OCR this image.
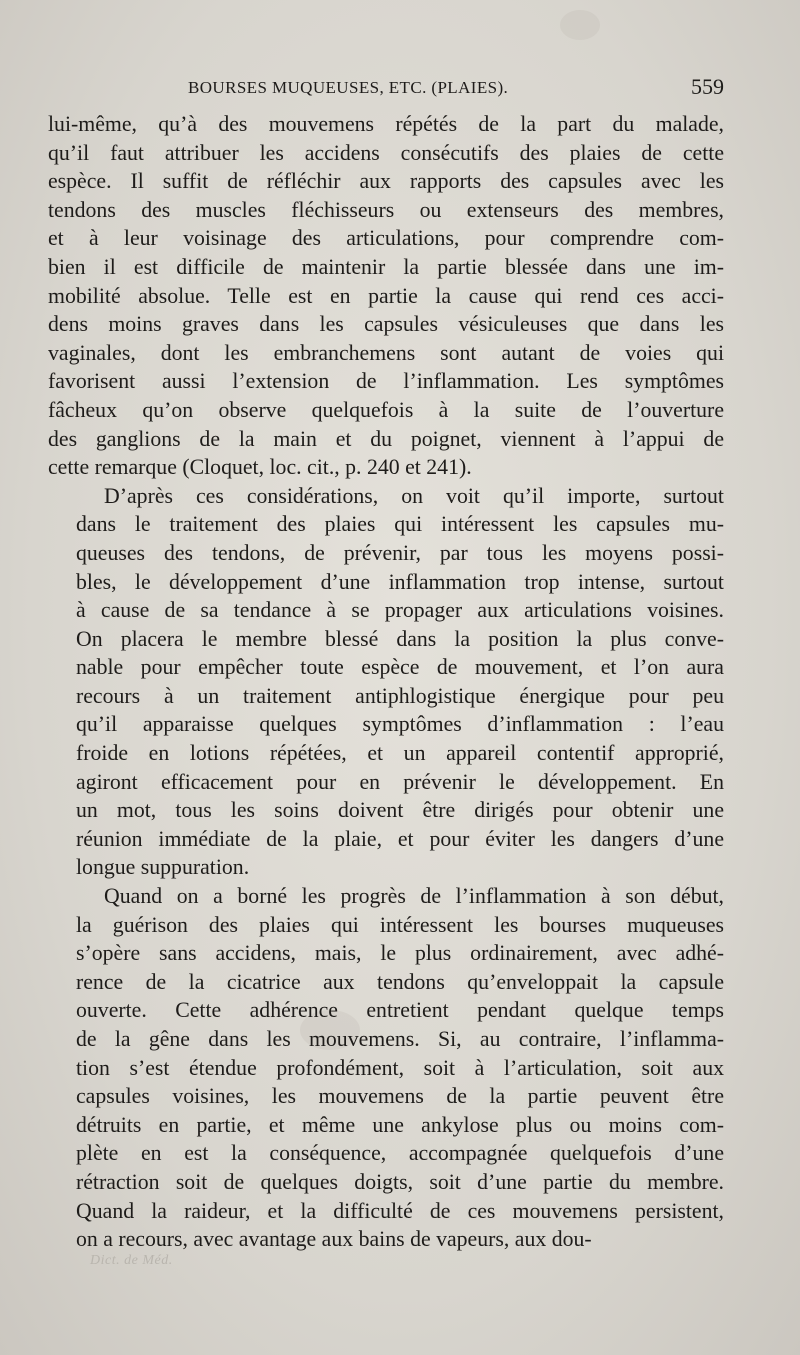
BOURSES MUQUEUSES, ETC. (PLAIES).	559
lui-même, qu’à des mouvemens répétés de la part du malade,
qu’il faut attribuer les accidens consécutifs des plaies de cette
espèce. Il suffit de réfléchir aux rapports des capsules avec les
tendons des muscles fléchisseurs ou extenseurs des membres,
et à leur voisinage des articulations, pour comprendre com-
bien il est difficile de maintenir la partie blessée dans une im-
mobilité absolue. Telle est en partie la cause qui rend ces acci-
dens moins graves dans les capsules vésiculeuses que dans les
vaginales, dont les embranchemens sont autant de voies qui
favorisent aussi l’extension de l’inflammation. Les symptômes
fâcheux qu’on observe quelquefois à la suite de l’ouverture
des ganglions de la main et du poignet, viennent à l’appui de
cette remarque (Cloquet, loc. cit., p. 240 et 241).
D’après ces considérations, on voit qu’il importe, surtout
dans le traitement des plaies qui intéressent les capsules mu-
queuses des tendons, de prévenir, par tous les moyens possi-
bles, le développement d’une inflammation trop intense, surtout
à cause de sa tendance à se propager aux articulations voisines.
On placera le membre blessé dans la position la plus conve-
nable pour empêcher toute espèce de mouvement, et l’on aura
recours à un traitement antiphlogistique énergique pour peu
qu’il apparaisse quelques symptômes d’inflammation : l’eau
froide en lotions répétées, et un appareil contentif approprié,
agiront efficacement pour en prévenir le développement. En
un mot, tous les soins doivent être dirigés pour obtenir une
réunion immédiate de la plaie, et pour éviter les dangers d’une
longue suppuration.
Quand on a borné les progrès de l’inflammation à son début,
la guérison des plaies qui intéressent les bourses muqueuses
s’opère sans accidens, mais, le plus ordinairement, avec adhé-
rence de la cicatrice aux tendons qu’enveloppait la capsule
ouverte. Cette adhérence entretient pendant quelque temps
de la gêne dans les mouvemens. Si, au contraire, l’inflamma-
tion s’est étendue profondément, soit à l’articulation, soit aux
capsules voisines, les mouvemens de la partie peuvent être
détruits en partie, et même une ankylose plus ou moins com-
plète en est la conséquence, accompagnée quelquefois d’une
rétraction soit de quelques doigts, soit d’une partie du membre.
Quand la raideur, et la difficulté de ces mouvemens persistent,
on a recours, avec avantage aux bains de vapeurs, aux dou-
Dict. de Méd.
